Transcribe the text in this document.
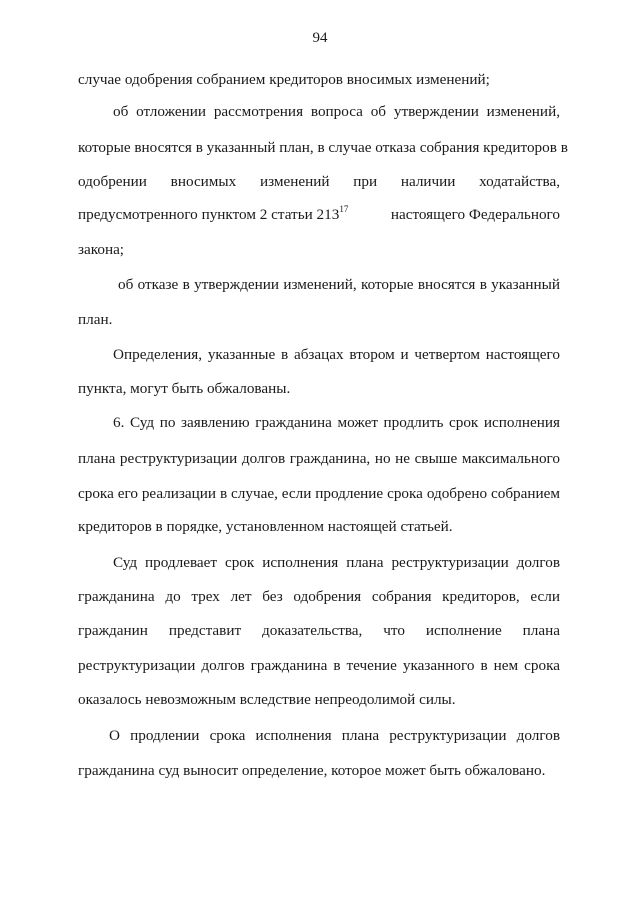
94
случае одобрения собранием кредиторов вносимых изменений;
об отложении рассмотрения вопроса об утверждении изменений,
которые вносятся в указанный план, в случае отказа собрания кредиторов в
одобрении вносимых изменений при наличии ходатайства,
предусмотренного пунктом 2 статьи $213^{17}$	настоящего Федерального
закона;
об отказе в утверждении изменений, которые вносятся в указанный
план.
Определения, указанные в абзацах втором и четвертом настоящего
пункта, могут быть обжалованы.
6. Суд по заявлению гражданина может продлить срок исполнения
плана реструктуризации долгов гражданина, но не свыше максимального
срока его реализации в случае, если продление срока одобрено собранием
кредиторов в порядке, установленном настоящей статьей.
Суд продлевает срок исполнения плана реструктуризации долгов
гражданина до трех лет без одобрения собрания кредиторов, если
гражданин представит доказательства, что исполнение плана
реструктуризации долгов гражданина в течение указанного в нем срока
оказалось невозможным вследствие непреодолимой силы.
О продлении срока исполнения плана реструктуризации долгов
гражданина суд выносит определение, которое может быть обжаловано.
